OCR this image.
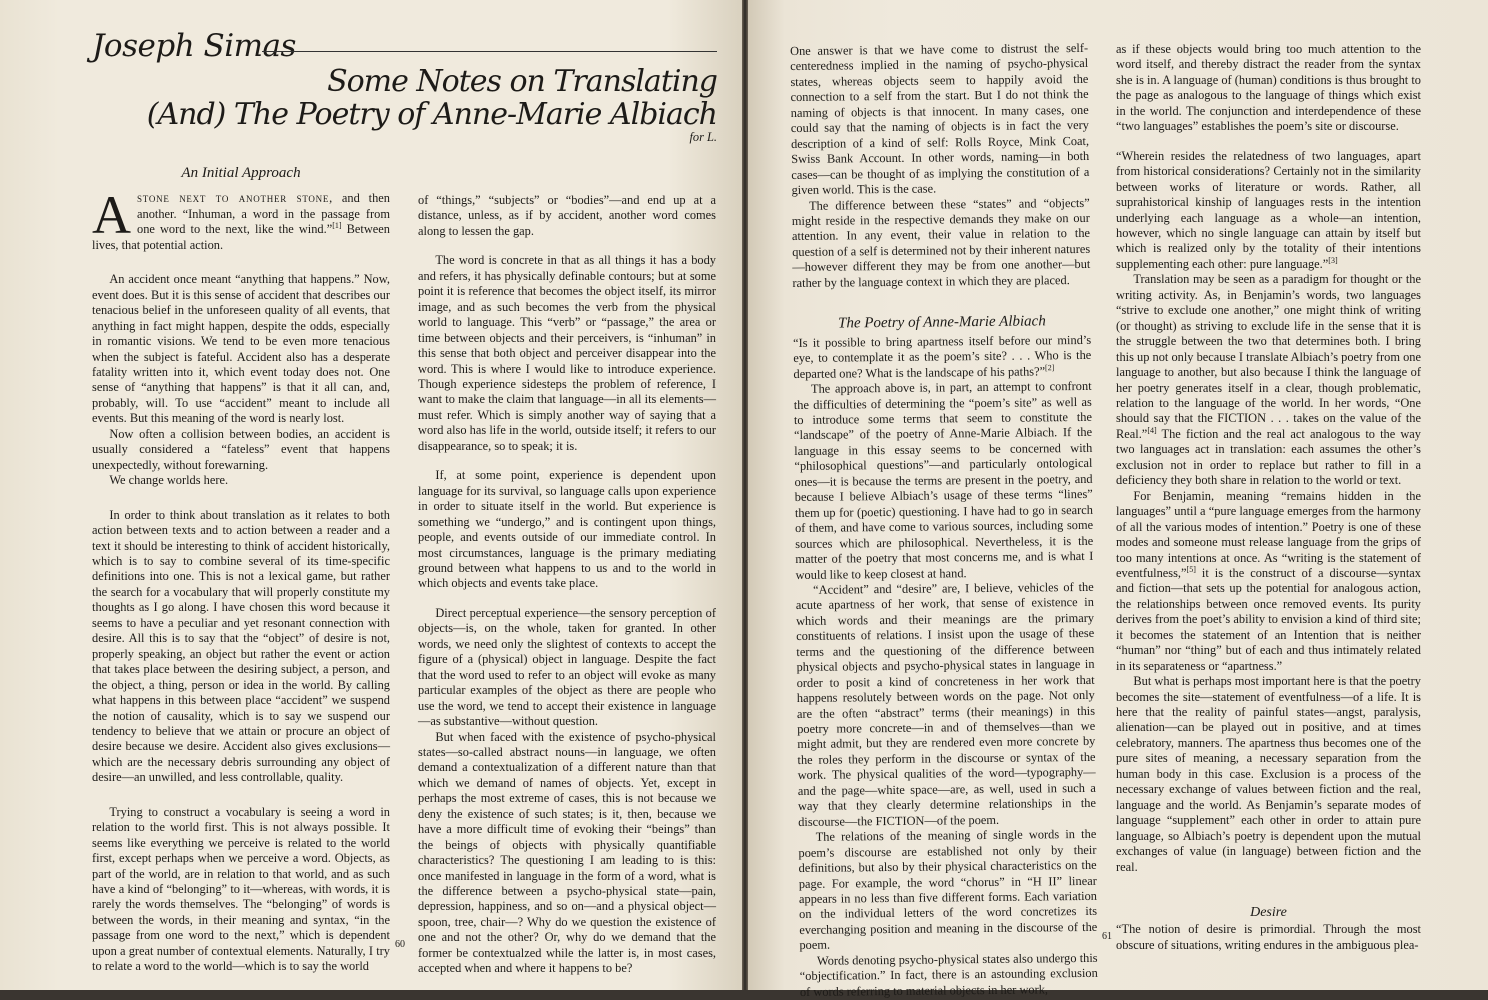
Joseph Simas
Some Notes on Translating
(And) The Poetry of Anne-Marie Albiach
for L.
An Initial Approach

Astone next to another stone, and then another. “Inhuman, a word in the passage from one word to the next, like the wind.”[1] Between lives, that potential action.

An accident once meant “anything that happens.” Now, event does. But it is this sense of accident that describes our tenacious belief in the unforeseen quality of all events, that anything in fact might happen, despite the odds, especially in romantic visions. We tend to be even more tenacious when the subject is fateful. Accident also has a desperate fatality written into it, which event today does not. One sense of “anything that happens” is that it all can, and, probably, will. To use “accident” meant to include all events. But this meaning of the word is nearly lost.

Now often a collision between bodies, an accident is usually considered a “fateless” event that happens unexpectedly, without forewarning.

We change worlds here.

In order to think about translation as it relates to both action between texts and to action between a reader and a text it should be interesting to think of accident historically, which is to say to combine several of its time-specific definitions into one. This is not a lexical game, but rather the search for a vocabulary that will properly constitute my thoughts as I go along. I have chosen this word because it seems to have a peculiar and yet resonant connection with desire. All this is to say that the “object” of desire is not, properly speaking, an object but rather the event or action that takes place between the desiring subject, a person, and the object, a thing, person or idea in the world. By calling what happens in this between place “accident” we suspend the notion of causality, which is to say we suspend our tendency to believe that we attain or procure an object of desire because we desire. Accident also gives exclusions—which are the necessary debris surrounding any object of desire—an unwilled, and less controllable, quality.

Trying to construct a vocabulary is seeing a word in relation to the world first. This is not always possible. It seems like everything we perceive is related to the world first, except perhaps when we perceive a word. Objects, as part of the world, are in relation to that world, and as such have a kind of “belonging” to it—whereas, with words, it is rarely the words themselves. The “belonging” of words is between the words, in their meaning and syntax, “in the passage from one word to the next,” which is dependent upon a great number of contextual elements. Naturally, I try to relate a word to the world—which is to say the world

of “things,” “subjects” or “bodies”—and end up at a distance, unless, as if by accident, another word comes along to lessen the gap.

The word is concrete in that as all things it has a body and refers, it has physically definable contours; but at some point it is reference that becomes the object itself, its mirror image, and as such becomes the verb from the physical world to language. This “verb” or “passage,” the area or time between objects and their perceivers, is “inhuman” in this sense that both object and perceiver disappear into the word. This is where I would like to introduce experience. Though experience sidesteps the problem of reference, I want to make the claim that language—in all its elements—must refer. Which is simply another way of saying that a word also has life in the world, outside itself; it refers to our disappearance, so to speak; it is.

If, at some point, experience is dependent upon language for its survival, so language calls upon experience in order to situate itself in the world. But experience is something we “undergo,” and is contingent upon things, people, and events outside of our immediate control. In most circumstances, language is the primary mediating ground between what happens to us and to the world in which objects and events take place.

Direct perceptual experience—the sensory perception of objects—is, on the whole, taken for granted. In other words, we need only the slightest of contexts to accept the figure of a (physical) object in language. Despite the fact that the word used to refer to an object will evoke as many particular examples of the object as there are people who use the word, we tend to accept their existence in language—as substantive—without question.

But when faced with the existence of psycho-physical states—so-called abstract nouns—in language, we often demand a contextualization of a different nature than that which we demand of names of objects. Yet, except in perhaps the most extreme of cases, this is not because we deny the existence of such states; is it, then, because we have a more difficult time of evoking their “beings” than the beings of objects with physically quantifiable characteristics? The questioning I am leading to is this: once manifested in language in the form of a word, what is the difference between a psycho-physical state—pain, depression, happiness, and so on—and a physical object—spoon, tree, chair—? Why do we question the existence of one and not the other? Or, why do we demand that the former be contextualzed while the latter is, in most cases, accepted when and where it happens to be?

60

One answer is that we have come to distrust the self-centeredness implied in the naming of psycho-physical states, whereas objects seem to happily avoid the connection to a self from the start. But I do not think the naming of objects is that innocent. In many cases, one could say that the naming of objects is in fact the very description of a kind of self: Rolls Royce, Mink Coat, Swiss Bank Account. In other words, naming—in both cases—can be thought of as implying the constitution of a given world. This is the case.

The difference between these “states” and “objects” might reside in the respective demands they make on our attention. In any event, their value in relation to the question of a self is determined not by their inherent natures—however different they may be from one another—but rather by the language context in which they are placed.

The Poetry of Anne-Marie Albiach

“Is it possible to bring apartness itself before our mind’s eye, to contemplate it as the poem’s site? . . . Who is the departed one? What is the landscape of his paths?”[2]

The approach above is, in part, an attempt to confront the difficulties of determining the “poem’s site” as well as to introduce some terms that seem to constitute the “landscape” of the poetry of Anne-Marie Albiach. If the language in this essay seems to be concerned with “philosophical questions”—and particularly ontological ones—it is because the terms are present in the poetry, and because I believe Albiach’s usage of these terms “lines” them up for (poetic) questioning. I have had to go in search of them, and have come to various sources, including some sources which are philosophical. Nevertheless, it is the matter of the poetry that most concerns me, and is what I would like to keep closest at hand.

“Accident” and “desire” are, I believe, vehicles of the acute apartness of her work, that sense of existence in which words and their meanings are the primary constituents of relations. I insist upon the usage of these terms and the questioning of the difference between physical objects and psycho-physical states in language in order to posit a kind of concreteness in her work that happens resolutely between words on the page. Not only are the often “abstract” terms (their meanings) in this poetry more concrete—in and of themselves—than we might admit, but they are rendered even more concrete by the roles they perform in the discourse or syntax of the work. The physical qualities of the word—typography—and the page—white space—are, as well, used in such a way that they clearly determine relationships in the discourse—the FICTION—of the poem.

The relations of the meaning of single words in the poem’s discourse are established not only by their definitions, but also by their physical characteristics on the page. For example, the word “chorus” in “H II” linear appears in no less than five different forms. Each variation on the individual letters of the word concretizes its everchanging position and meaning in the discourse of the poem.

Words denoting psycho-physical states also undergo this “objectification.” In fact, there is an astounding exclusion of words referring to material objects in her work,

as if these objects would bring too much attention to the word itself, and thereby distract the reader from the syntax she is in. A language of (human) conditions is thus brought to the page as analogous to the language of things which exist in the world. The conjunction and interdependence of these “two languages” establishes the poem’s site or discourse.

“Wherein resides the relatedness of two languages, apart from historical considerations? Certainly not in the similarity between works of literature or words. Rather, all suprahistorical kinship of languages rests in the intention underlying each language as a whole—an intention, however, which no single language can attain by itself but which is realized only by the totality of their intentions supplementing each other: pure language.”[3]

Translation may be seen as a paradigm for thought or the writing activity. As, in Benjamin’s words, two languages “strive to exclude one another,” one might think of writing (or thought) as striving to exclude life in the sense that it is the struggle between the two that determines both. I bring this up not only because I translate Albiach’s poetry from one language to another, but also because I think the language of her poetry generates itself in a clear, though problematic, relation to the language of the world. In her words, “One should say that the FICTION . . . takes on the value of the Real.”[4] The fiction and the real act analogous to the way two languages act in translation: each assumes the other’s exclusion not in order to replace but rather to fill in a deficiency they both share in relation to the world or text.

For Benjamin, meaning “remains hidden in the languages” until a “pure language emerges from the harmony of all the various modes of intention.” Poetry is one of these modes and someone must release language from the grips of too many intentions at once. As “writing is the statement of eventfulness,”[5] it is the construct of a discourse—syntax and fiction—that sets up the potential for analogous action, the relationships between once removed events. Its purity derives from the poet’s ability to envision a kind of third site; it becomes the statement of an Intention that is neither “human” nor “thing” but of each and thus intimately related in its separateness or “apartness.”

But what is perhaps most important here is that the poetry becomes the site—statement of eventfulness—of a life. It is here that the reality of painful states—angst, paralysis, alienation—can be played out in positive, and at times celebratory, manners. The apartness thus becomes one of the pure sites of meaning, a necessary separation from the human body in this case. Exclusion is a process of the necessary exchange of values between fiction and the real, language and the world. As Benjamin’s separate modes of language “supplement” each other in order to attain pure language, so Albiach’s poetry is dependent upon the mutual exchanges of value (in language) between fiction and the real.

Desire

“The notion of desire is primordial. Through the most obscure of situations, writing endures in the ambiguous plea-

61
